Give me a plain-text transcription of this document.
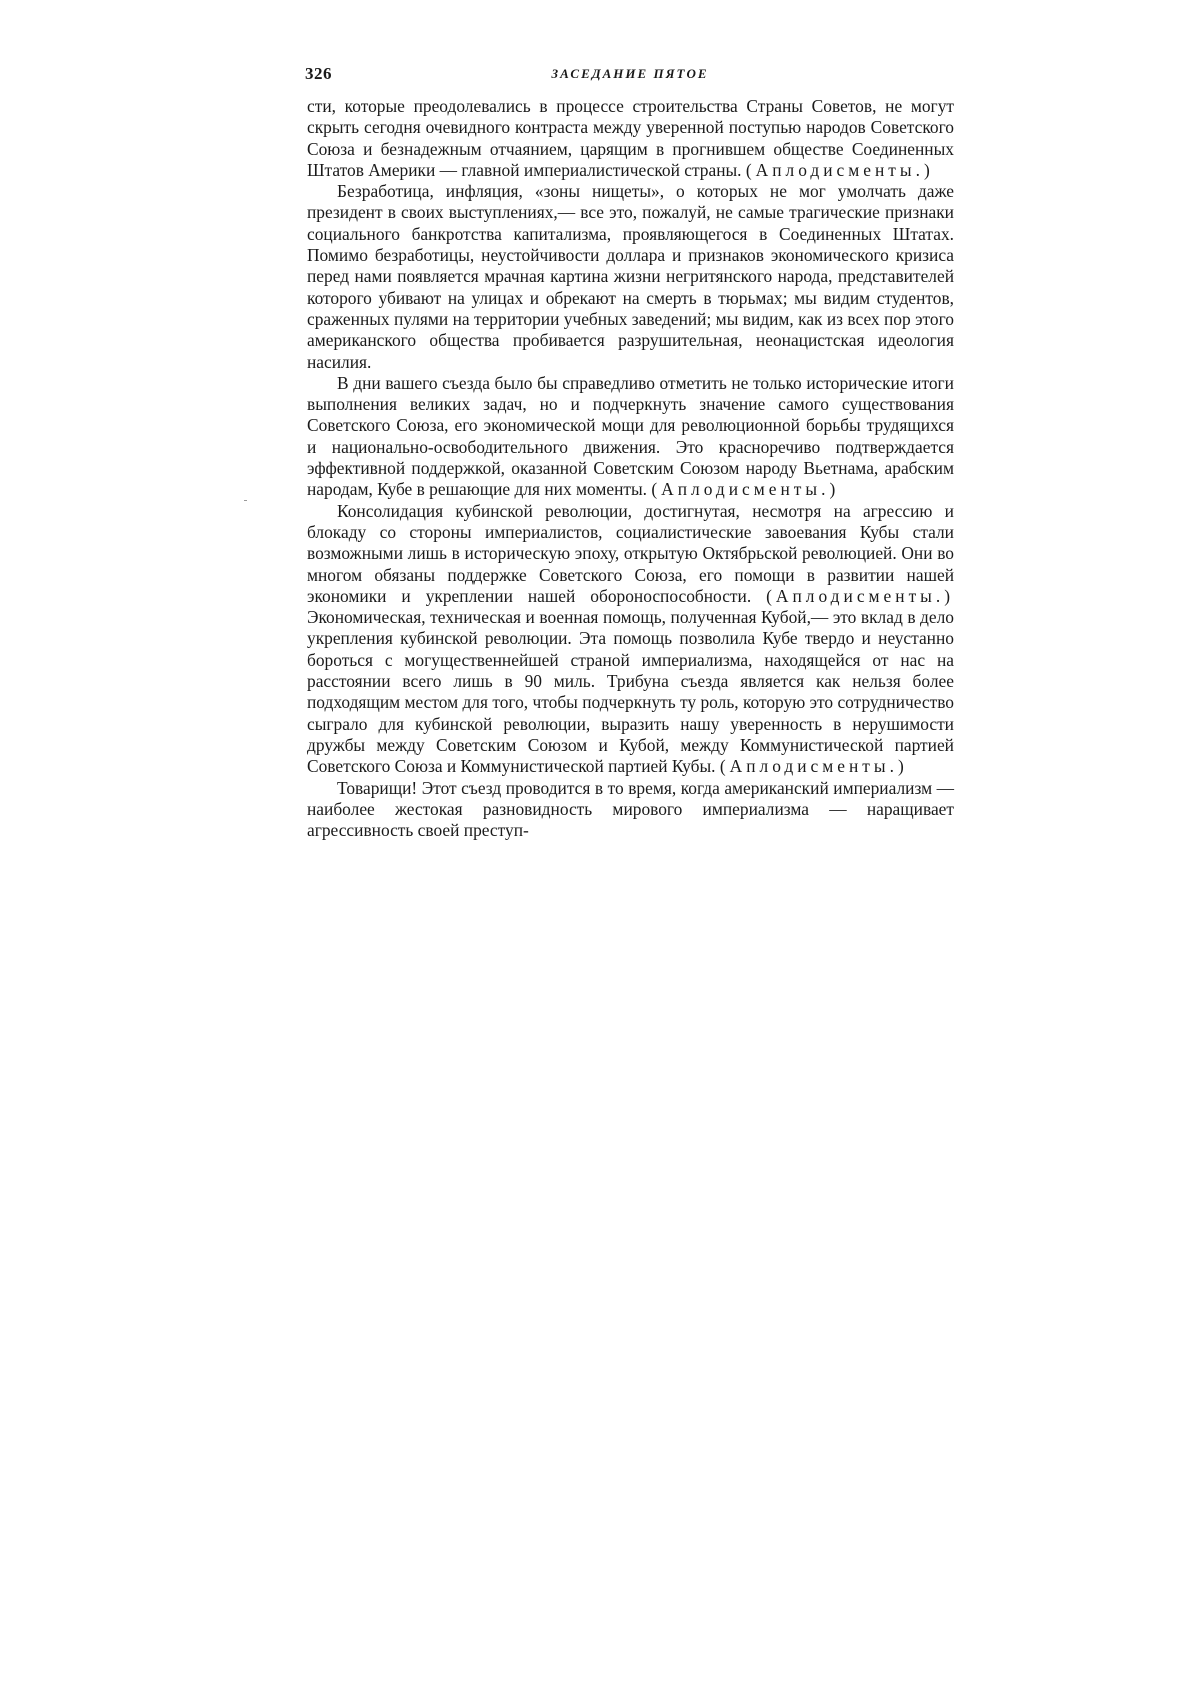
326	ЗАСЕДАНИЕ ПЯТОЕ

сти, которые преодолевались в процессе строительства Страны Советов, не могут скрыть сегодня очевидного контраста между уверенной поступью народов Советского Союза и безнадежным отчаянием, царящим в прогнившем обществе Соединенных Штатов Америки — главной империалистической страны. (Аплодисменты.)

Безработица, инфляция, «зоны нищеты», о которых не мог умолчать даже президент в своих выступлениях,— все это, пожалуй, не самые трагические признаки социального банкротства капитализма, проявляющегося в Соединенных Штатах. Помимо безработицы, неустойчивости доллара и признаков экономического кризиса перед нами появляется мрачная картина жизни негритянского народа, представителей которого убивают на улицах и обрекают на смерть в тюрьмах; мы видим студентов, сраженных пулями на территории учебных заведений; мы видим, как из всех пор этого американского общества пробивается разрушительная, неонацистская идеология насилия.

В дни вашего съезда было бы справедливо отметить не только исторические итоги выполнения великих задач, но и подчеркнуть значение самого существования Советского Союза, его экономической мощи для революционной борьбы трудящихся и национально-освободительного движения. Это красноречиво подтверждается эффективной поддержкой, оказанной Советским Союзом народу Вьетнама, арабским народам, Кубе в решающие для них моменты. (Аплодисменты.)

Консолидация кубинской революции, достигнутая, несмотря на агрессию и блокаду со стороны империалистов, социалистические завоевания Кубы стали возможными лишь в историческую эпоху, открытую Октябрьской революцией. Они во многом обязаны поддержке Советского Союза, его помощи в развитии нашей экономики и укреплении нашей обороноспособности. (Аплодисменты.) Экономическая, техническая и военная помощь, полученная Кубой,— это вклад в дело укрепления кубинской революции. Эта помощь позволила Кубе твердо и неустанно бороться с могущественнейшей страной империализма, находящейся от нас на расстоянии всего лишь в 90 миль. Трибуна съезда является как нельзя более подходящим местом для того, чтобы подчеркнуть ту роль, которую это сотрудничество сыграло для кубинской революции, выразить нашу уверенность в нерушимости дружбы между Советским Союзом и Кубой, между Коммунистической партией Советского Союза и Коммунистической партией Кубы. (Аплодисменты.)

Товарищи! Этот съезд проводится в то время, когда американский империализм — наиболее жестокая разновидность мирового империализма — наращивает агрессивность своей преступ-
